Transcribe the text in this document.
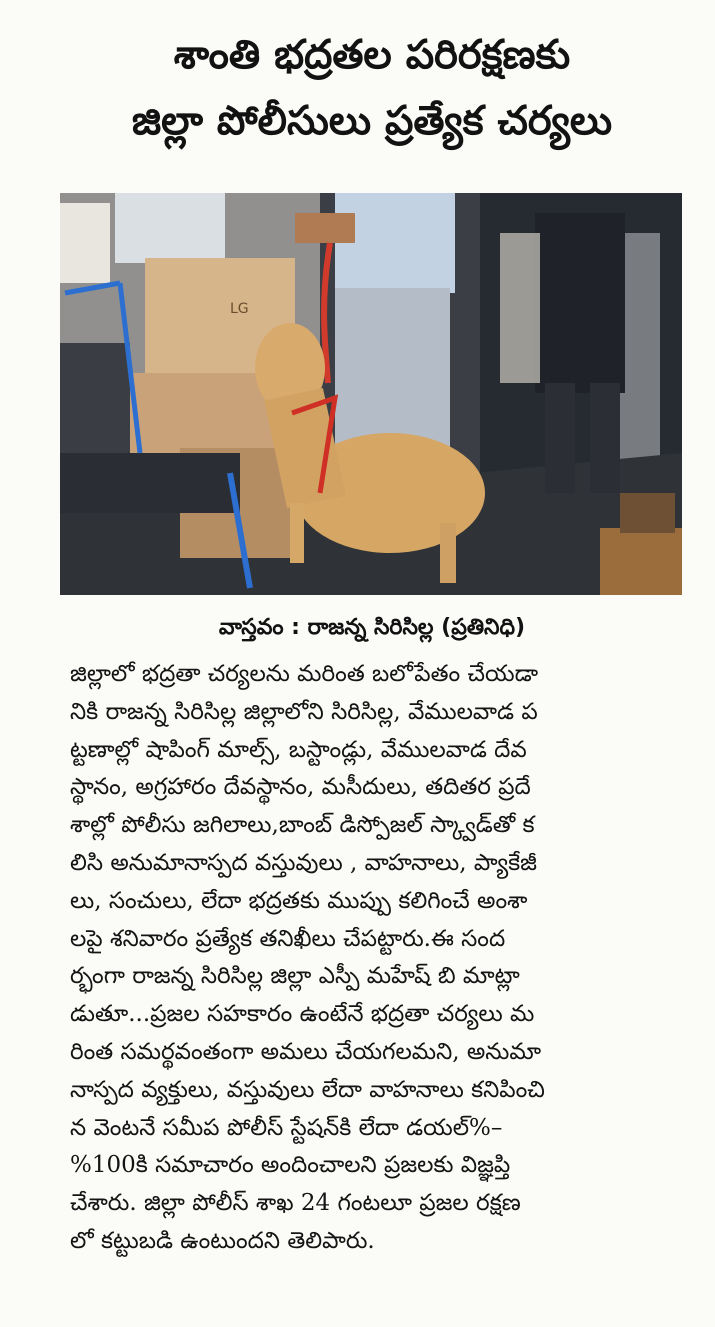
శాంతి భద్రతల పరిరక్షణకు
జిల్లా పోలీసులు ప్రత్యేక చర్యలు
LG
వాస్తవం : రాజన్న సిరిసిల్ల (ప్రతినిధి)
జిల్లాలో భద్రతా చర్యలను మరింత బలోపేతం చేయడా
నికి రాజన్న సిరిసిల్ల జిల్లాలోని సిరిసిల్ల, వేములవాడ ప
ట్టణాల్లో షాపింగ్ మాల్స్, బస్టాండ్లు, వేములవాడ దేవ
స్థానం, అగ్రహారం దేవస్థానం, మసీదులు, తదితర ప్రదే
శాల్లో పోలీసు జగిలాలు,బాంబ్ డిస్పోజల్ స్క్వాడ్‌తో క
లిసి అనుమానాస్పద వస్తువులు , వాహనాలు, ప్యాకేజీ
లు, సంచులు, లేదా భద్రతకు ముప్పు కలిగించే అంశా
లపై శనివారం ప్రత్యేక తనిఖీలు చేపట్టారు.ఈ సంద
ర్భంగా రాజన్న సిరిసిల్ల జిల్లా ఎస్పీ మహేష్ బి మాట్లా
డుతూ...ప్రజల సహకారం ఉంటేనే భద్రతా చర్యలు మ
రింత సమర్థవంతంగా అమలు చేయగలమని, అనుమా
నాస్పద వ్యక్తులు, వస్తువులు లేదా వాహనాలు కనిపించి
న వెంటనే సమీప పోలీస్ స్టేషన్‌కి లేదా డయల్%–
%100కి సమాచారం అందించాలని ప్రజలకు విజ్ఞప్తి
చేశారు. జిల్లా పోలీస్ శాఖ 24 గంటలూ ప్రజల రక్షణ
లో కట్టుబడి ఉంటుందని తెలిపారు.
